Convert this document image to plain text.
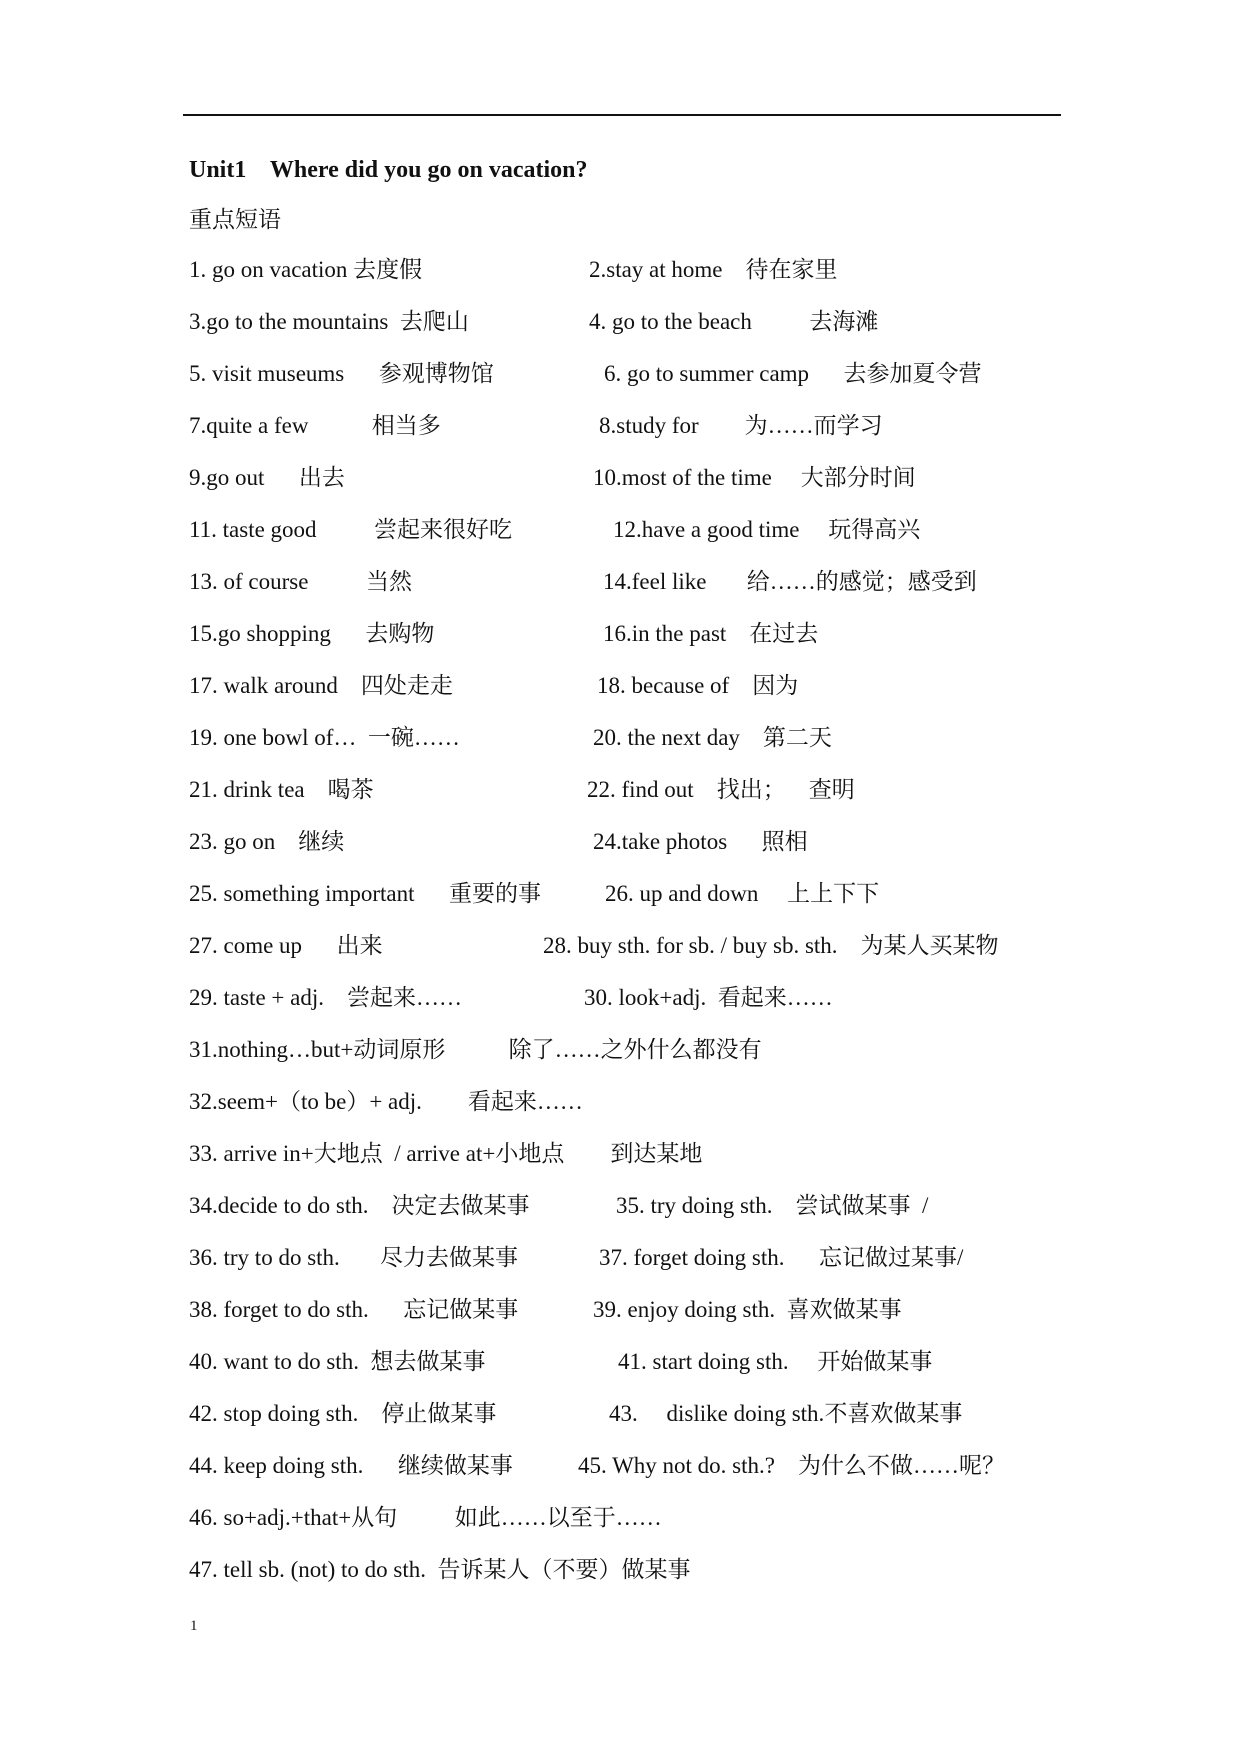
Unit1    Where did you go on vacation?
重点短语
1. go on vacation 去度假	2.stay at home    待在家里
3.go to the mountains  去爬山	4. go to the beach          去海滩
5. visit museums      参观博物馆	6. go to summer camp      去参加夏令营
7.quite a few           相当多	8.study for        为……而学习
9.go out      出去	10.most of the time     大部分时间
11. taste good          尝起来很好吃	12.have a good time     玩得高兴
13. of course          当然	14.feel like       给……的感觉；感受到
15.go shopping      去购物	16.in the past    在过去
17. walk around    四处走走	18. because of    因为
19. one bowl of…  一碗……	20. the next day    第二天
21. drink tea    喝茶	22. find out    找出；    查明
23. go on    继续	24.take photos      照相
25. something important      重要的事	26. up and down     上上下下
27. come up      出来	28. buy sth. for sb. / buy sb. sth.    为某人买某物
29. taste + adj.    尝起来……	30. look+adj.  看起来……
31.nothing…but+动词原形           除了……之外什么都没有
32.seem+（to be）+ adj.        看起来……
33. arrive in+大地点  / arrive at+小地点        到达某地
34.decide to do sth.    决定去做某事	35. try doing sth.    尝试做某事  /
36. try to do sth.       尽力去做某事	37. forget doing sth.      忘记做过某事/
38. forget to do sth.      忘记做某事	39. enjoy doing sth.  喜欢做某事
40. want to do sth.  想去做某事	41. start doing sth.     开始做某事
42. stop doing sth.    停止做某事	43.     dislike doing sth.不喜欢做某事
44. keep doing sth.      继续做某事	45. Why not do. sth.?    为什么不做……呢？
46. so+adj.+that+从句          如此……以至于……
47. tell sb. (not) to do sth.  告诉某人（不要）做某事
1
